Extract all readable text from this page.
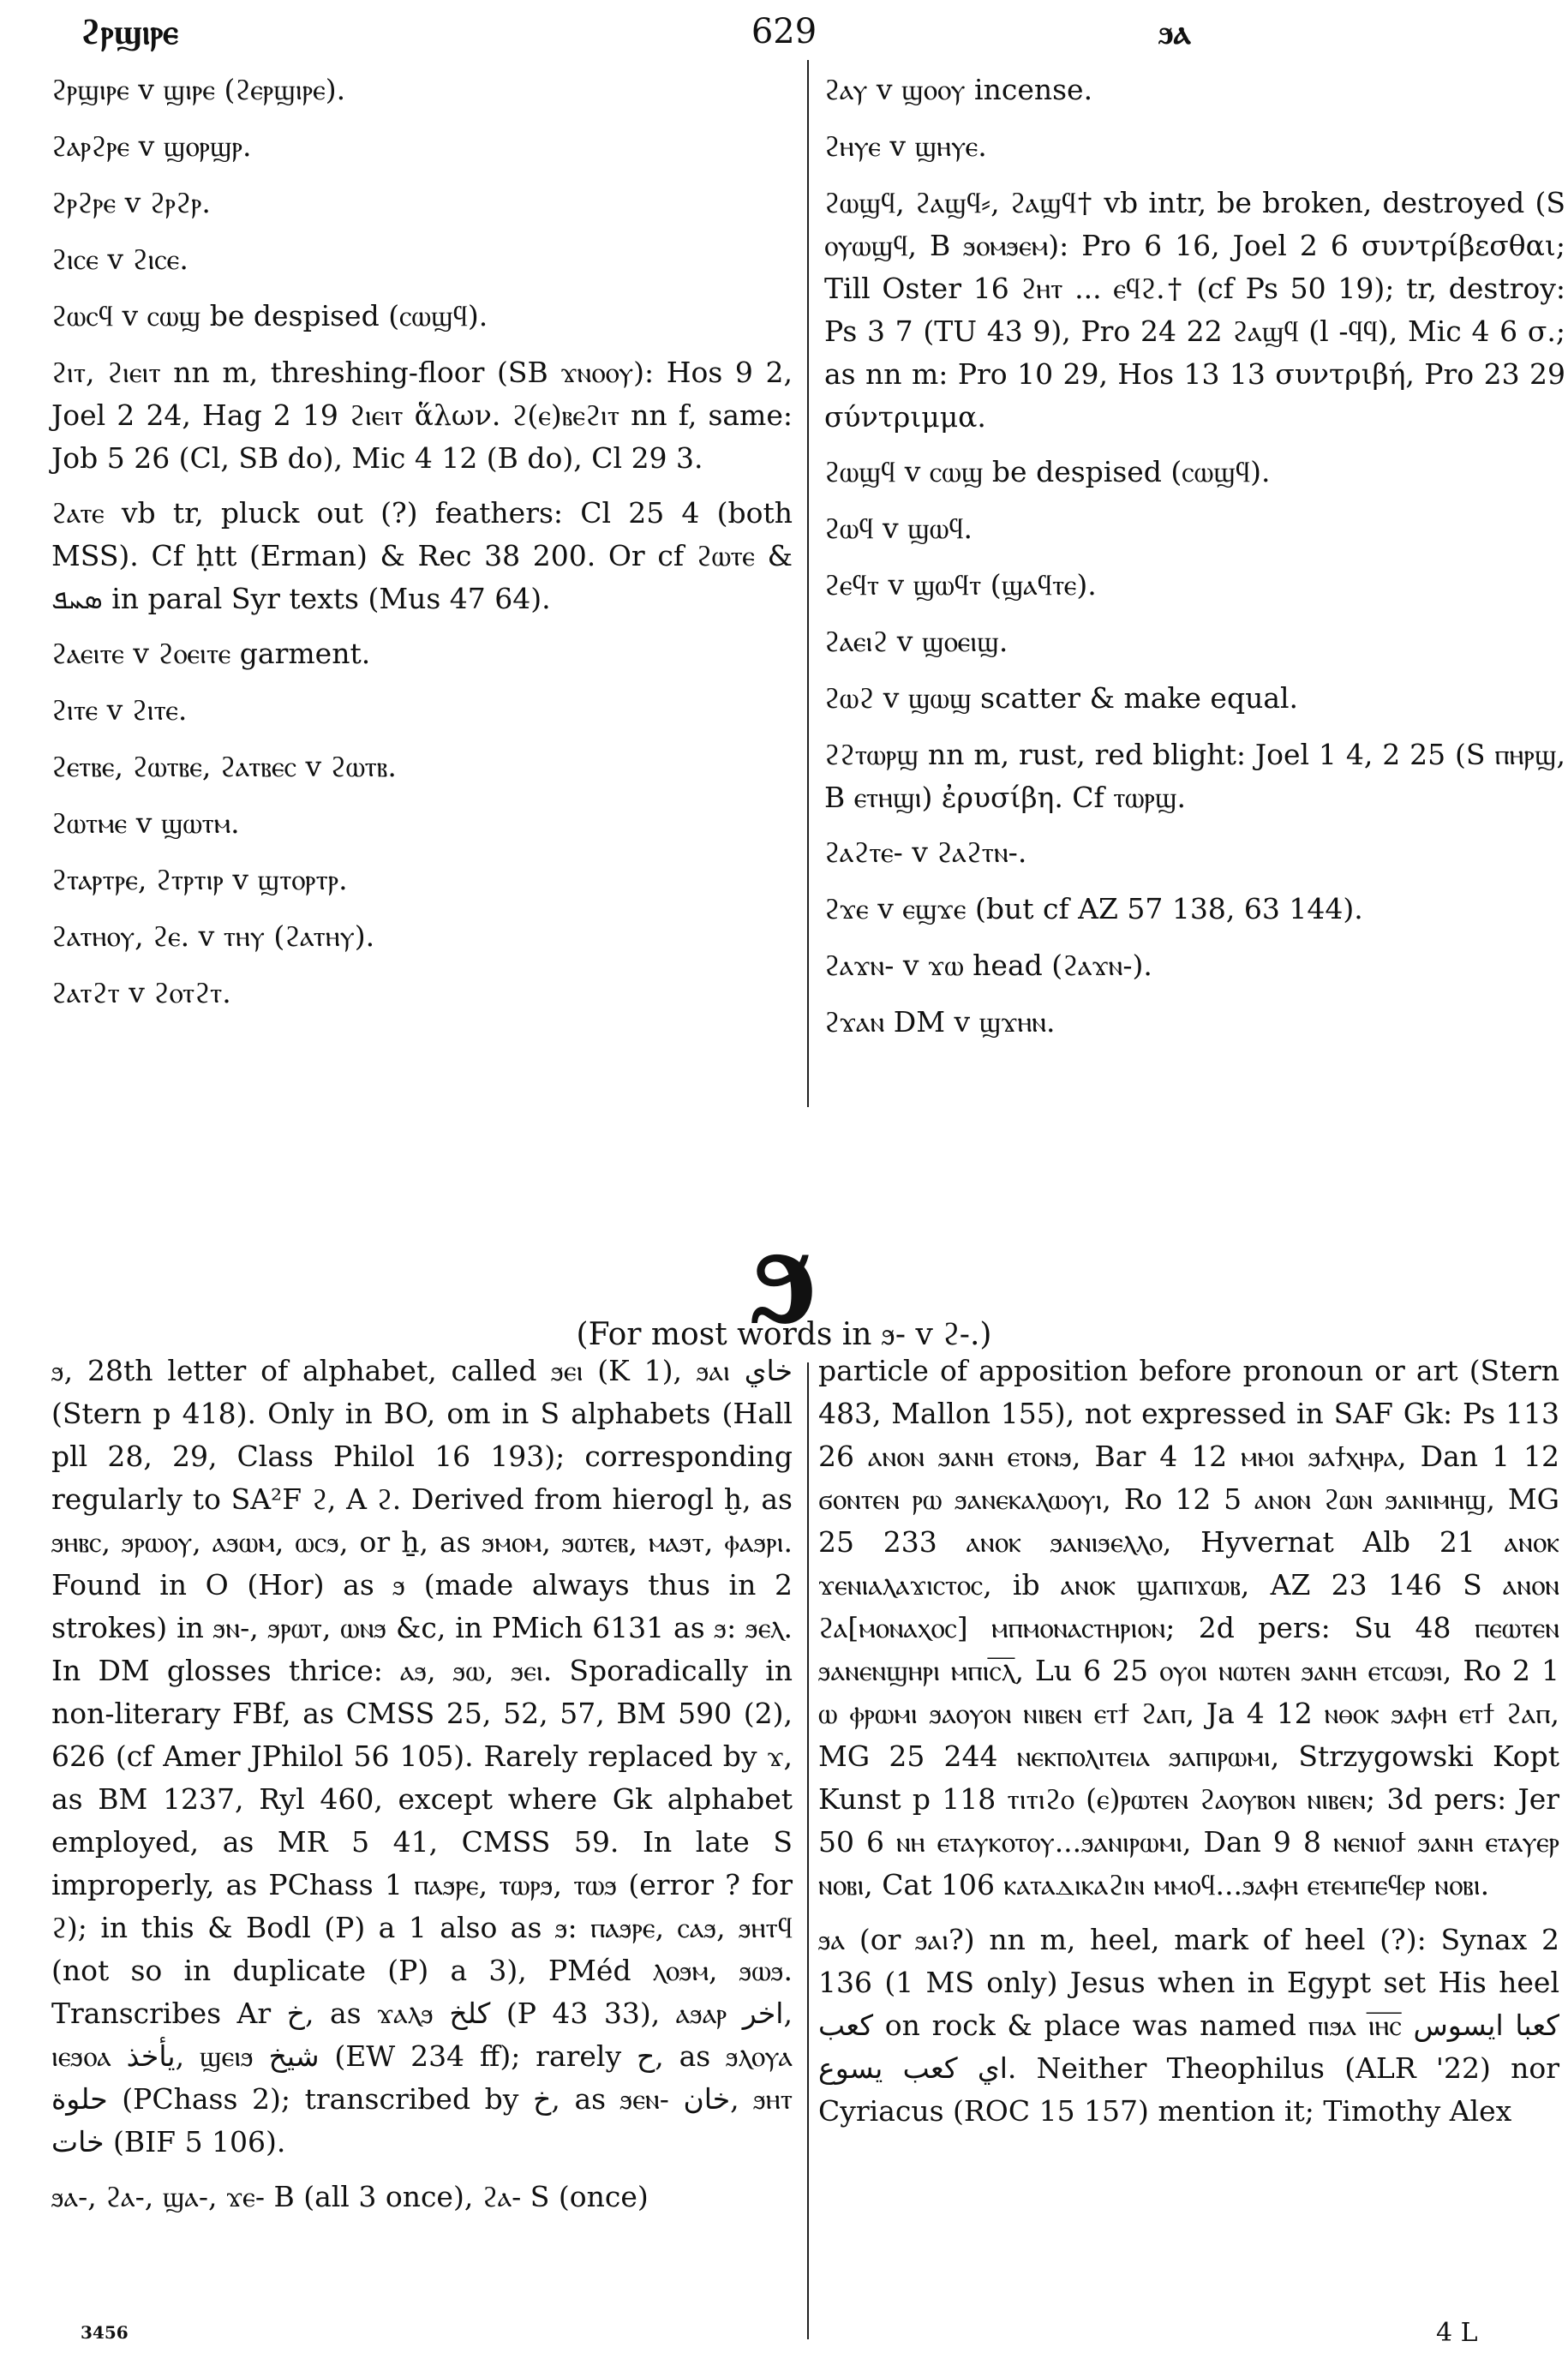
ϩⲣϣⲓⲣⲉ	629	ϧⲁ
ϩⲣϣⲓⲣⲉ v ϣⲓⲣⲉ (ϩⲉⲣϣⲓⲣⲉ).
ϩⲁⲣϩⲣⲉ v ϣⲟⲣϣⲣ.
ϩⲣϩⲣⲉ v ϩⲣϩⲣ.
ϩⲓⲥⲉ v ϩⲓⲥⲉ.
ϩⲱⲥϥ v ⲥⲱϣ be despised (ⲥⲱϣϥ).
ϩⲓⲧ, ϩⲓⲉⲓⲧ nn m, threshing-floor (SB ϫⲛⲟⲟⲩ): Hos 9 2, Joel 2 24, Hag 2 19 ϩⲓⲉⲓⲧ ἅλων. ϩ(ⲉ)ⲃⲉϩⲓⲧ nn f, same: Job 5 26 (Cl, SB do), Mic 4 12 (B do), Cl 29 3.
ϩⲁⲧⲉ vb tr, pluck out (?) feathers: Cl 25 4 (both MSS). Cf ḥtt (Erman) & Rec 38 200. Or cf ϩⲱⲧⲉ & ܣܚܦ in paral Syr texts (Mus 47 64).
ϩⲁⲉⲓⲧⲉ v ϩⲟⲉⲓⲧⲉ garment.
ϩⲓⲧⲉ v ϩⲓⲧⲉ.
ϩⲉⲧⲃⲉ, ϩⲱⲧⲃⲉ, ϩⲁⲧⲃⲉⲥ v ϩⲱⲧⲃ.
ϩⲱⲧⲙⲉ v ϣⲱⲧⲙ.
ϩⲧⲁⲣⲧⲣⲉ, ϩⲧⲣⲧⲓⲣ v ϣⲧⲟⲣⲧⲣ.
ϩⲁⲧⲏⲟⲩ, ϩⲉ. v ⲧⲏⲩ (ϩⲁⲧⲏⲩ).
ϩⲁⲧϩⲧ v ϩⲟⲧϩⲧ.
ϩⲁⲩ v ϣⲟⲟⲩ incense.
ϩⲏⲩⲉ v ϣⲏⲩⲉ.
ϩⲱϣϥ, ϩⲁϣϥ⸗, ϩⲁϣϥ† vb intr, be broken, destroyed (S ⲟⲩⲱϣϥ, B ϧⲟⲙϧⲉⲙ): Pro 6 16, Joel 2 6 συντρίβεσθαι; Till Oster 16 ϩⲏⲧ ... ⲉϥϩ.† (cf Ps 50 19); tr, destroy: Ps 3 7 (TU 43 9), Pro 24 22 ϩⲁϣϥ (l -ϥϥ), Mic 4 6 σ.; as nn m: Pro 10 29, Hos 13 13 συντριβή, Pro 23 29 σύντριμμα.
ϩⲱϣϥ v ⲥⲱϣ be despised (ⲥⲱϣϥ).
ϩⲱϥ v ϣⲱϥ.
ϩⲉϥⲧ v ϣⲱϥⲧ (ϣⲁϥⲧⲉ).
ϩⲁⲉⲓϩ v ϣⲟⲉⲓϣ.
ϩⲱϩ v ϣⲱϣ scatter & make equal.
ϩϩⲧⲱⲣϣ nn m, rust, red blight: Joel 1 4, 2 25 (S ⲡⲏⲣϣ, B ⲉⲧⲏϣⲓ) ἐρυσίβη. Cf ⲧⲱⲣϣ.
ϩⲁϩⲧⲉ- v ϩⲁϩⲧⲛ-.
ϩϫⲉ v ⲉϣϫⲉ (but cf AZ 57 138, 63 144).
ϩⲁϫⲛ- v ϫⲱ head (ϩⲁϫⲛ-).
ϩϫⲁⲛ DM v ϣϫⲏⲛ.
ϧ
(For most words in ϧ- v ϩ-.)
ϧ, 28th letter of alphabet, called ϧⲉⲓ (K 1), ϧⲁⲓ خاي (Stern p 418). Only in BO, om in S alphabets (Hall pll 28, 29, Class Philol 16 193); corresponding regularly to SA²F ϩ, A ϩ. Derived from hierogl ḫ, as ϧⲏⲃⲥ, ϧⲣⲱⲟⲩ, ⲁϧⲱⲙ, ⲱⲥϧ, or ẖ, as ϧⲙⲟⲙ, ϧⲱⲧⲉⲃ, ⲙⲁϧⲧ, ⲫⲁϧⲣⲓ. Found in O (Hor) as ϧ (made always thus in 2 strokes) in ϧⲛ-, ϧⲣⲱⲧ, ⲱⲛϧ &c, in PMich 6131 as ϧ: ϧⲉⲗ. In DM glosses thrice: ⲁϧ, ϧⲱ, ϧⲉⲓ. Sporadically in non-literary FBf, as CMSS 25, 52, 57, BM 590 (2), 626 (cf Amer JPhilol 56 105). Rarely replaced by ϫ, as BM 1237, Ryl 460, except where Gk alphabet employed, as MR 5 41, CMSS 59. In late S improperly, as PChass 1 ⲡⲁϧⲣⲉ, ⲧⲱⲣϧ, ⲧⲱϧ (error ? for ϩ); in this & Bodl (P) a 1 also as ϧ: ⲡⲁϧⲣⲉ, ⲥⲁϧ, ϧⲏⲧϥ (not so in duplicate (P) a 3), PMéd ⲗⲟϧⲙ, ϧⲱϧ. Transcribes Ar خ, as ϫⲁⲗϧ كلخ (P 43 33), ⲁϧⲁⲣ اخر, ⲓⲉϧⲟⲁ يأخذ, ϣⲉⲓϧ شيخ (EW 234 ff); rarely ح, as ϧⲗⲟⲩⲁ حلوة (PChass 2); transcribed by خ, as ϧⲉⲛ- خان, ϧⲏⲧ خات (BIF 5 106).
ϧⲁ-, ϩⲁ-, ϣⲁ-, ϫⲉ- B (all 3 once), ϩⲁ- S (once)
particle of apposition before pronoun or art (Stern 483, Mallon 155), not expressed in SAF Gk: Ps 113 26 ⲁⲛⲟⲛ ϧⲁⲛⲏ ⲉⲧⲟⲛϧ, Bar 4 12 ⲙⲙⲟⲓ ϧⲁϯⲭⲏⲣⲁ, Dan 1 12 ϭⲟⲛⲧⲉⲛ ⲣⲱ ϧⲁⲛⲉⲕⲁⲗⲱⲟⲩⲓ, Ro 12 5 ⲁⲛⲟⲛ ϩⲱⲛ ϧⲁⲛⲓⲙⲏϣ, MG 25 233 ⲁⲛⲟⲕ ϧⲁⲛⲓϧⲉⲗⲗⲟ, Hyvernat Alb 21 ⲁⲛⲟⲕ ϫⲉⲛⲓⲁⲗⲁϫⲓⲥⲧⲟⲥ, ib ⲁⲛⲟⲕ ϣⲁⲡⲓϫⲱⲃ, AZ 23 146 S ⲁⲛⲟⲛ ϩⲁ[ⲙⲟⲛⲁⲭⲟⲥ] ⲙⲡⲙⲟⲛⲁⲥⲧⲏⲣⲓⲟⲛ; 2d pers: Su 48 ⲡⲉⲱⲧⲉⲛ ϧⲁⲛⲉⲛϣⲏⲣⲓ ⲙⲡⲓⲥ̅ⲗ̅, Lu 6 25 ⲟⲩⲟⲓ ⲛⲱⲧⲉⲛ ϧⲁⲛⲏ ⲉⲧⲥⲱϧⲓ, Ro 2 1 ⲱ ⲫⲣⲱⲙⲓ ϧⲁⲟⲩⲟⲛ ⲛⲓⲃⲉⲛ ⲉⲧϯ ϩⲁⲡ, Ja 4 12 ⲛⲑⲟⲕ ϧⲁⲫⲏ ⲉⲧϯ ϩⲁⲡ, MG 25 244 ⲛⲉⲕⲡⲟⲗⲓⲧⲉⲓⲁ ϧⲁⲡⲓⲣⲱⲙⲓ, Strzygowski Kopt Kunst p 118 ⲧⲓⲧⲓϩⲟ (ⲉ)ⲣⲱⲧⲉⲛ ϩⲁⲟⲩⲃⲟⲛ ⲛⲓⲃⲉⲛ; 3d pers: Jer 50 6 ⲛⲏ ⲉⲧⲁⲩⲕⲟⲧⲟⲩ...ϧⲁⲛⲓⲣⲱⲙⲓ, Dan 9 8 ⲛⲉⲛⲓⲟϯ ϧⲁⲛⲏ ⲉⲧⲁⲩⲉⲣ ⲛⲟⲃⲓ, Cat 106 ⲕⲁⲧⲁⲇⲓⲕⲁϩⲓⲛ ⲙⲙⲟϥ...ϧⲁⲫⲏ ⲉⲧⲉⲙⲡⲉϥⲉⲣ ⲛⲟⲃⲓ.
ϧⲁ (or ϧⲁⲓ?) nn m, heel, mark of heel (?): Synax 2 136 (1 MS only) Jesus when in Egypt set His heel كعب on rock & place was named ⲡⲓϧⲁ ⲓ̅ⲏ̅ⲥ̅ كعبا ايسوس اي كعب يسوع. Neither Theophilus (ALR '22) nor Cyriacus (ROC 15 157) mention it; Timothy Alex
3456	4 L
